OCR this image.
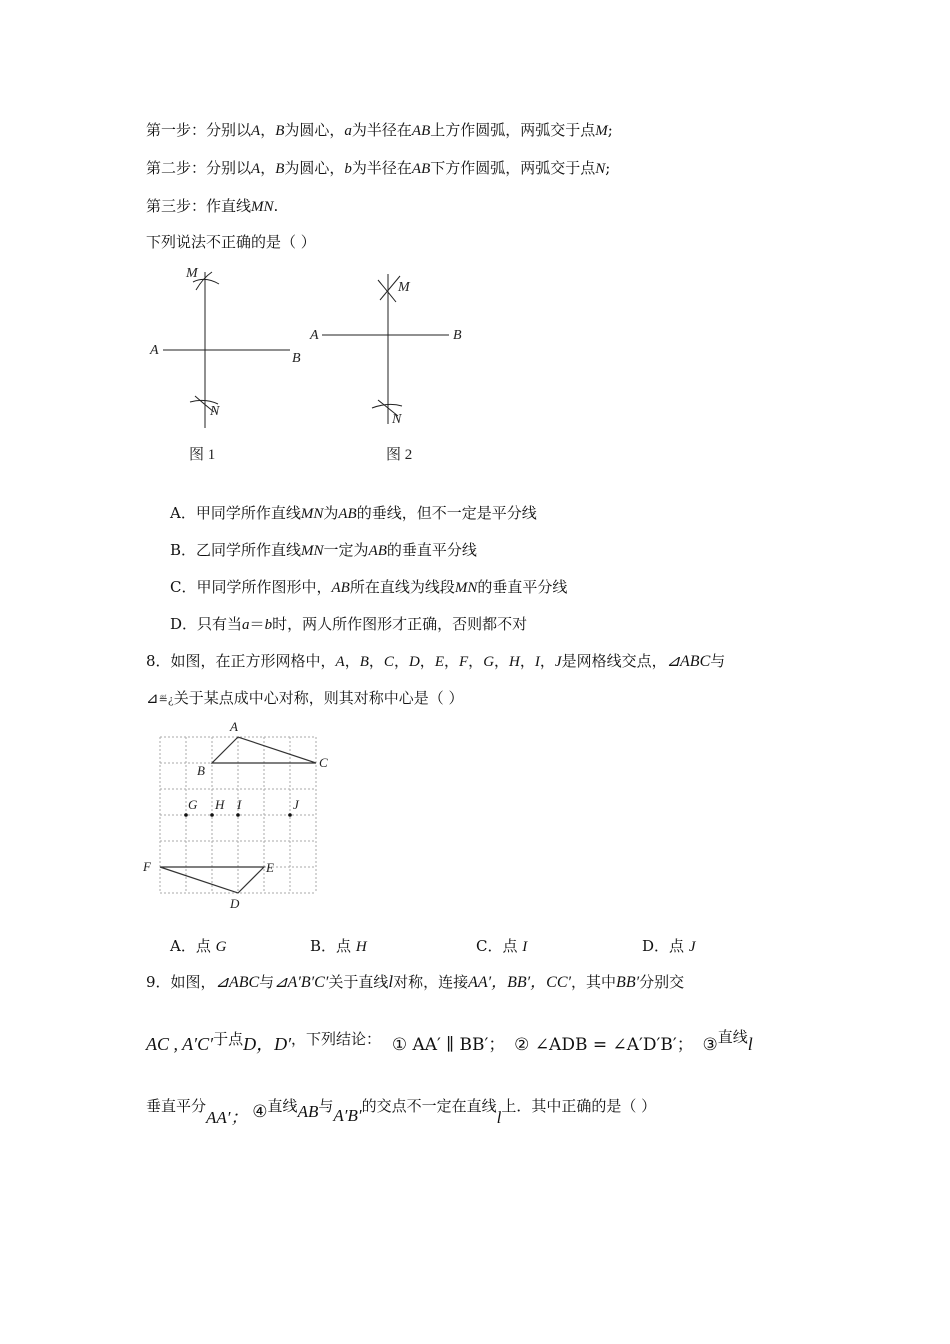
第一步：分别以A，B为圆心，a为半径在AB上方作圆弧，两弧交于点M;
第二步：分别以A，B为圆心，b为半径在AB下方作圆弧，两弧交于点N;
第三步：作直线MN.
下列说法不正确的是（ ）
M
A
B
N
M
A	B
N
图 1	图 2
A．甲同学所作直线MN为AB的垂线，但不一定是平分线
B．乙同学所作直线MN一定为AB的垂直平分线
C．甲同学所作图形中，AB所在直线为线段MN的垂直平分线
D．只有当a＝b时，两人所作图形才正确，否则都不对
8．如图，在正方形网格中，A，B，C，D，E，F，G，H，I，J是网格线交点，⊿ABC与
⊿≝¿关于某点成中心对称，则其对称中心是（ ）
A
B
C
G H I	J
F	E
D
A．点 G	B．点 H	C．点 I	D．点 J
9．如图，⊿ABC与⊿A′B′C′关于直线l对称，连接AA′，BB′，CC′，其中BB′分别交
AC , A′C′于点D，D′，下列结论： ① AA′ ∥ BB′； ② ∠ADB = ∠A′D′B′； ③直线l
垂直平分AA′； ④直线AB与A′B′的交点不一定在直线l上．其中正确的是（ ）
